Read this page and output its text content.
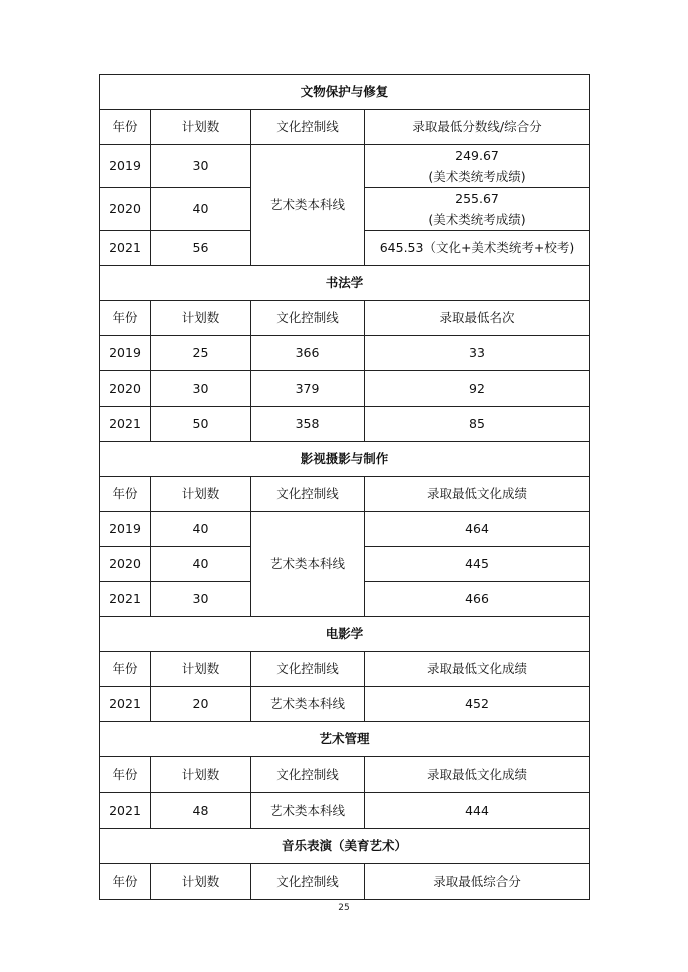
文物保护与修复			
年份	计划数	文化控制线	录取最低分数线/综合分
2019	30	艺术类本科线	249.67
(美术类统考成绩)

2020	40		255.67
(美术类统考成绩)

2021	56		645.53（文化+美术类统考+校考)
书法学			
年份	计划数	文化控制线	录取最低名次
2019	25	366	33
2020	30	379	92
2021	50	358	85
影视摄影与制作			
年份	计划数	文化控制线	录取最低文化成绩
2019	40	艺术类本科线	464
2020	40		445
2021	30		466
电影学			
年份	计划数	文化控制线	录取最低文化成绩
2021	20	艺术类本科线	452
艺术管理			
年份	计划数	文化控制线	录取最低文化成绩
2021	48	艺术类本科线	444
音乐表演（美育艺术）			
年份	计划数	文化控制线	录取最低综合分
25
